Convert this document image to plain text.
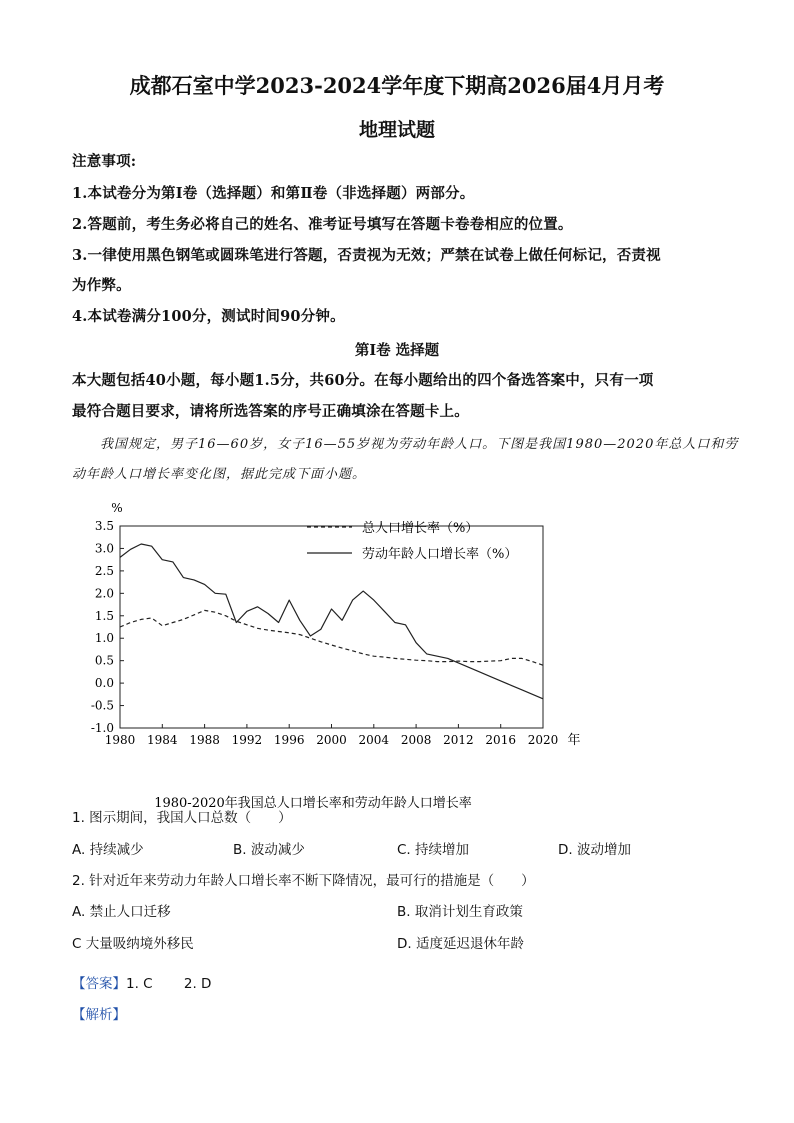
成都石室中学2023-2024学年度下期高2026届4月月考
地理试题
注意事项:
1.本试卷分为第Ⅰ卷（选择题）和第Ⅱ卷（非选择题）两部分。
2.答题前，考生务必将自己的姓名、准考证号填写在答题卡卷卷相应的位置。
3.一律使用黑色钢笔或圆珠笔进行答题，否责视为无效；严禁在试卷上做任何标记，否责视
为作弊。
4.本试卷满分100分，测试时间90分钟。
第Ⅰ卷 选择题
本大题包括40小题，每小题1.5分，共60分。在每小题给出的四个备选答案中，只有一项
最符合题目要求，请将所选答案的序号正确填涂在答题卡上。
我国规定，男子16—60岁，女子16—55岁视为劳动年龄人口。下图是我国1980—2020年总人口和劳
动年龄人口增长率变化图，据此完成下面小题。
3.5
3.0
2.5
2.0
1.5
1.0
0.5
0.0
-0.5
-1.0
1980 1984 1988 1992 1996 2000 2004 2008 2012 2016 2020
%
年
总人口增长率（%）
劳动年龄人口增长率（%）
1980-2020年我国总人口增长率和劳动年龄人口增长率
1. 图示期间，我国人口总数（　　）
A. 持续减少	B. 波动减少	C. 持续增加	D. 波动增加
2. 针对近年来劳动力年龄人口增长率不断下降情况，最可行的措施是（　　）
A. 禁止人口迁移	B. 取消计划生育政策
C 大量吸纳境外移民	D. 适度延迟退休年龄
【答案】1. C　　 2. D
【解析】
